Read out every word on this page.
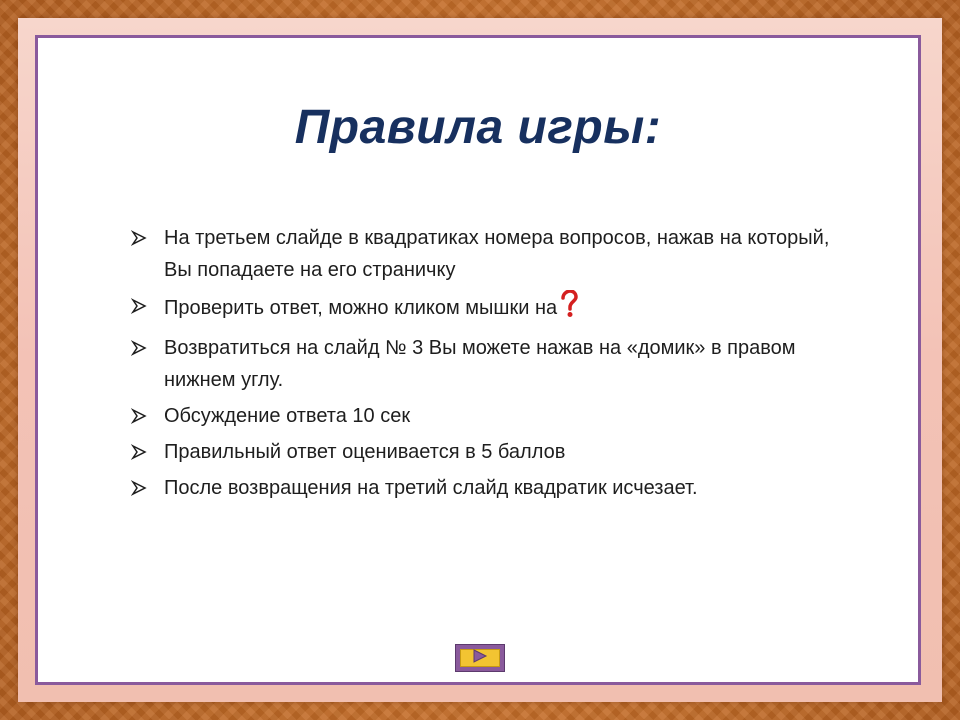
Правила игры:
На третьем слайде в квадратиках номера вопросов, нажав на который, Вы попадаете на его страничку
Проверить ответ, можно кликом мышки на
Возвратиться на слайд № 3 Вы можете нажав на «домик» в правом нижнем углу.
Обсуждение ответа 10 сек
Правильный ответ оценивается в 5 баллов
После возвращения на третий слайд квадратик исчезает.
